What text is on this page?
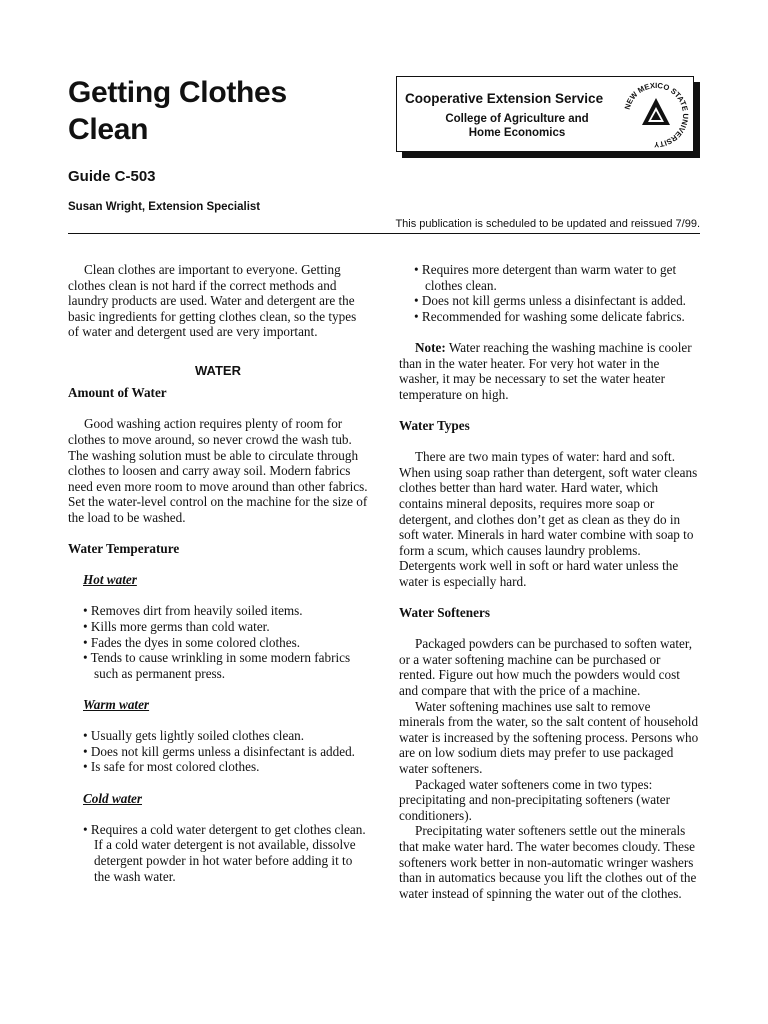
Getting Clothes
Clean
Guide C-503
Susan Wright, Extension Specialist
This publication is scheduled to be updated and reissued 7/99.
Cooperative Extension Service
College of Agriculture and
Home Economics
NEW MEXICO STATE UNIVERSITY

Clean clothes are important to everyone. Getting clothes clean is not hard if the correct methods and laundry products are used. Water and detergent are the basic ingredients for getting clothes clean, so the types of water and detergent used are very important.

WATER

Amount of Water

Good washing action requires plenty of room for clothes to move around, so never crowd the wash tub. The washing solution must be able to circulate through clothes to loosen and carry away soil. Modern fabrics need even more room to move around than other fabrics. Set the water-level control on the machine for the size of the load to be washed.

Water Temperature

Hot water

• Removes dirt from heavily soiled items.
• Kills more germs than cold water.
• Fades the dyes in some colored clothes.
• Tends to cause wrinkling in some modern fabrics such as permanent press.

Warm water

• Usually gets lightly soiled clothes clean.
• Does not kill germs unless a disinfectant is added.
• Is safe for most colored clothes.

Cold water

• Requires a cold water detergent to get clothes clean. If a cold water detergent is not available, dissolve detergent powder in hot water before adding it to the wash water.
• Requires more detergent than warm water to get clothes clean.
• Does not kill germs unless a disinfectant is added.
• Recommended for washing some delicate fabrics.

Note: Water reaching the washing machine is cooler than in the water heater. For very hot water in the washer, it may be necessary to set the water heater temperature on high.

Water Types

There are two main types of water: hard and soft. When using soap rather than detergent, soft water cleans clothes better than hard water. Hard water, which contains mineral deposits, requires more soap or detergent, and clothes don’t get as clean as they do in soft water. Minerals in hard water combine with soap to form a scum, which causes laundry problems. Detergents work well in soft or hard water unless the water is especially hard.

Water Softeners

Packaged powders can be purchased to soften water, or a water softening machine can be purchased or rented. Figure out how much the powders would cost and compare that with the price of a machine.

Water softening machines use salt to remove minerals from the water, so the salt content of household water is increased by the softening process. Persons who are on low sodium diets may prefer to use packaged water softeners.

Packaged water softeners come in two types: precipitating and non-precipitating softeners (water conditioners).

Precipitating water softeners settle out the minerals that make water hard. The water becomes cloudy. These softeners work better in non-automatic wringer washers than in automatics because you lift the clothes out of the water instead of spinning the water out of the clothes.
